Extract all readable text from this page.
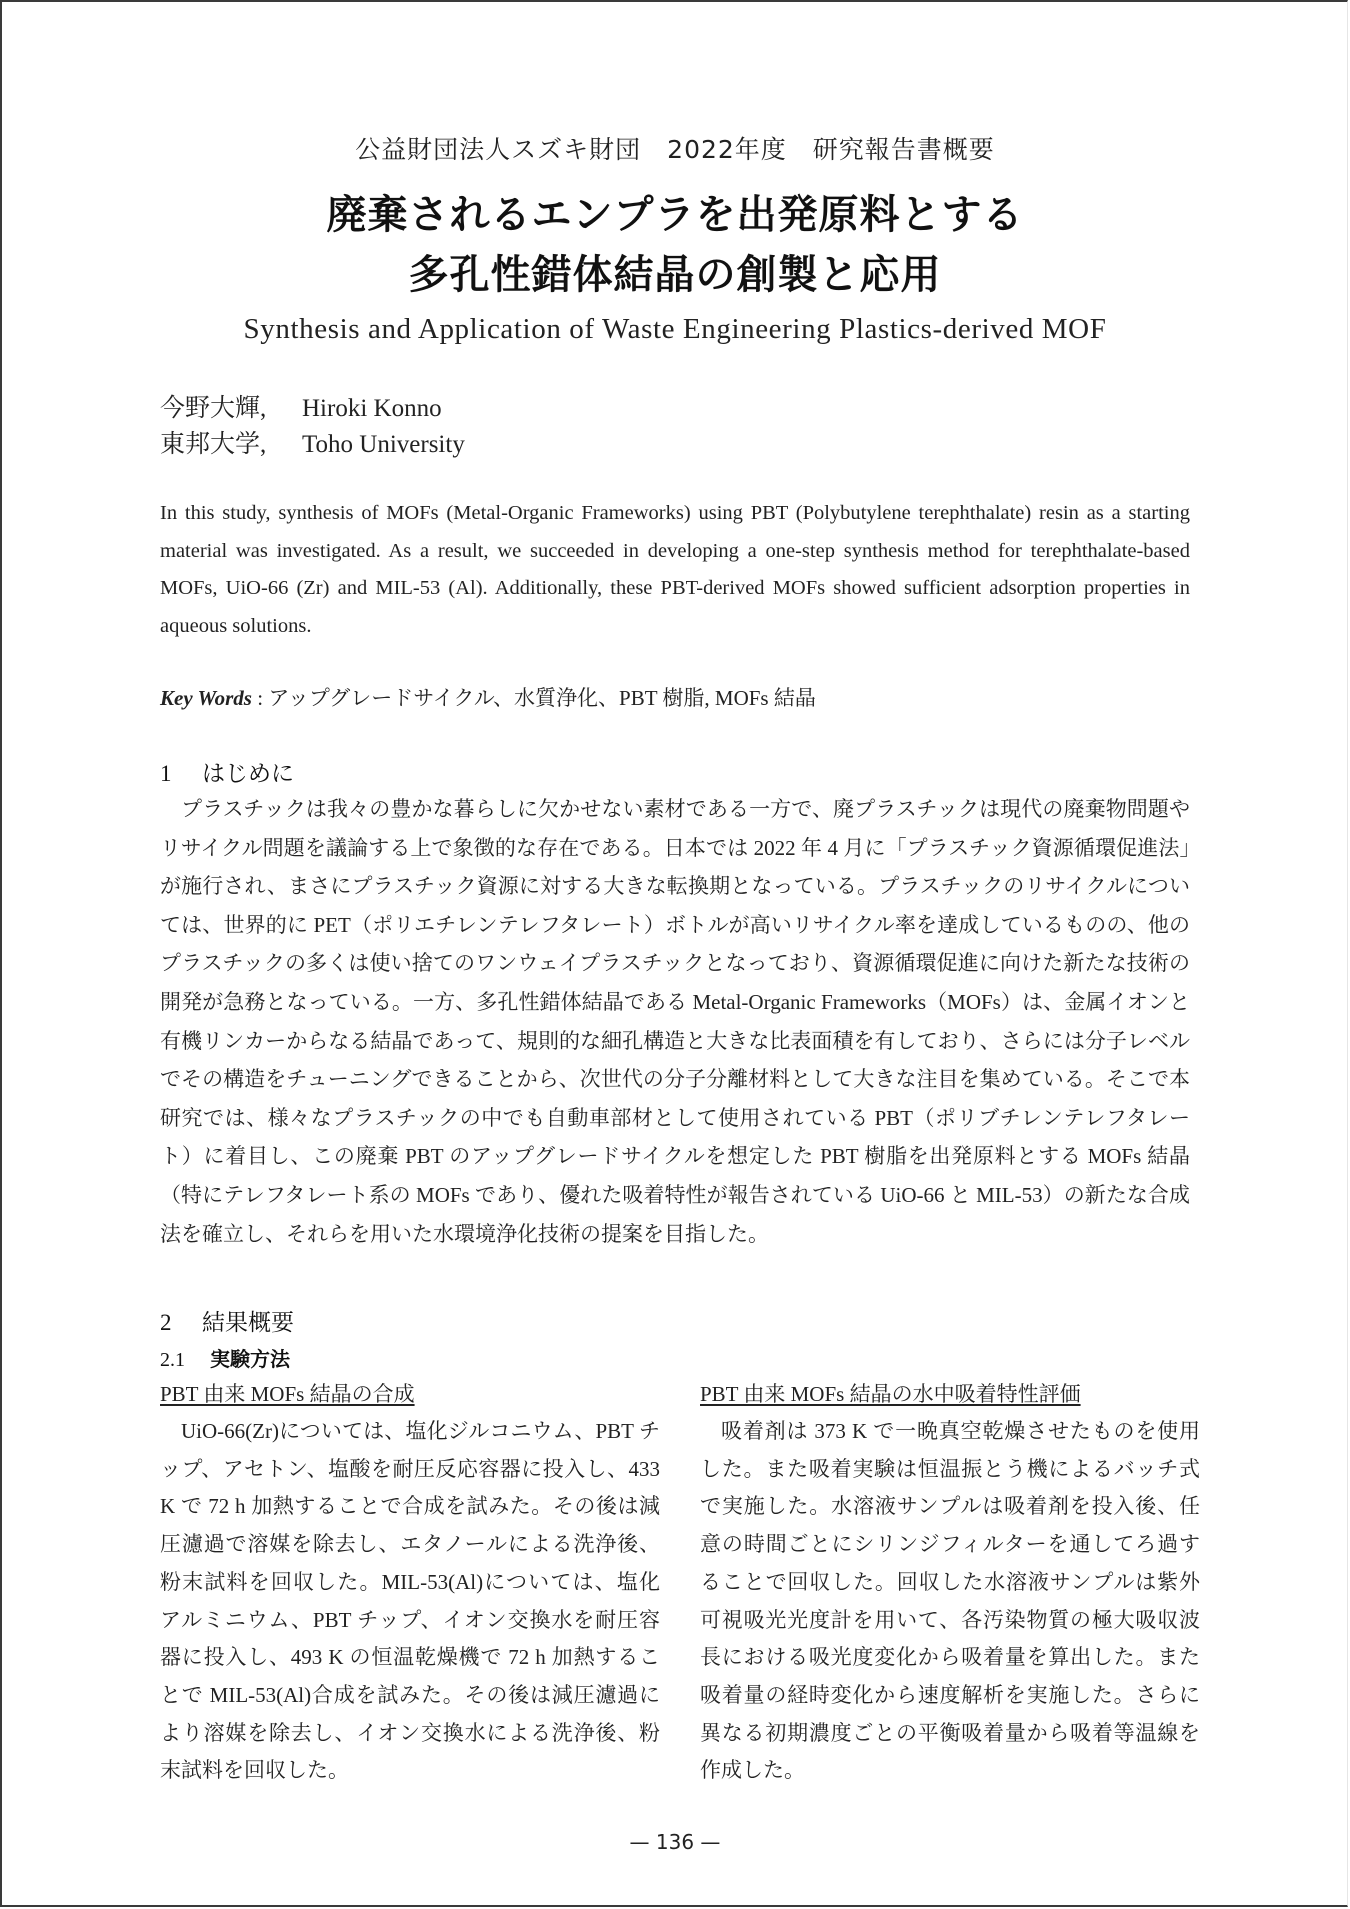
公益財団法人スズキ財団　2022年度　研究報告書概要
廃棄されるエンプラを出発原料とする
多孔性錯体結晶の創製と応用
Synthesis and Application of Waste Engineering Plastics-derived MOF
今野大輝, Hiroki Konno
東邦大学, Toho University
In this study, synthesis of MOFs (Metal-Organic Frameworks) using PBT (Polybutylene terephthalate) resin as a starting material was investigated. As a result, we succeeded in developing a one-step synthesis method for terephthalate-based MOFs, UiO-66 (Zr) and MIL-53 (Al). Additionally, these PBT-derived MOFs showed sufficient adsorption properties in aqueous solutions.
Key Words : アップグレードサイクル、水質浄化、PBT 樹脂, MOFs 結晶
1 はじめに

プラスチックは我々の豊かな暮らしに欠かせない素材である一方で、廃プラスチックは現代の廃棄物問題やリサイクル問題を議論する上で象徴的な存在である。日本では 2022 年 4 月に「プラスチック資源循環促進法」が施行され、まさにプラスチック資源に対する大きな転換期となっている。プラスチックのリサイクルについては、世界的に PET（ポリエチレンテレフタレート）ボトルが高いリサイクル率を達成しているものの、他のプラスチックの多くは使い捨てのワンウェイプラスチックとなっており、資源循環促進に向けた新たな技術の開発が急務となっている。一方、多孔性錯体結晶である Metal-Organic Frameworks（MOFs）は、金属イオンと有機リンカーからなる結晶であって、規則的な細孔構造と大きな比表面積を有しており、さらには分子レベルでその構造をチューニングできることから、次世代の分子分離材料として大きな注目を集めている。そこで本研究では、様々なプラスチックの中でも自動車部材として使用されている PBT（ポリブチレンテレフタレート）に着目し、この廃棄 PBT のアップグレードサイクルを想定した PBT 樹脂を出発原料とする MOFs 結晶（特にテレフタレート系の MOFs であり、優れた吸着特性が報告されている UiO-66 と MIL-53）の新たな合成法を確立し、それらを用いた水環境浄化技術の提案を目指した。

2 結果概要
2.1 実験方法
PBT 由来 MOFs 結晶の合成

UiO-66(Zr)については、塩化ジルコニウム、PBT チップ、アセトン、塩酸を耐圧反応容器に投入し、433 K で 72 h 加熱することで合成を試みた。その後は減圧濾過で溶媒を除去し、エタノールによる洗浄後、粉末試料を回収した。MIL-53(Al)については、塩化アルミニウム、PBT チップ、イオン交換水を耐圧容器に投入し、493 K の恒温乾燥機で 72 h 加熱することで MIL-53(Al)合成を試みた。その後は減圧濾過により溶媒を除去し、イオン交換水による洗浄後、粉末試料を回収した。

PBT 由来 MOFs 結晶の水中吸着特性評価

吸着剤は 373 K で一晩真空乾燥させたものを使用した。また吸着実験は恒温振とう機によるバッチ式で実施した。水溶液サンプルは吸着剤を投入後、任意の時間ごとにシリンジフィルターを通してろ過することで回収した。回収した水溶液サンプルは紫外可視吸光光度計を用いて、各汚染物質の極大吸収波長における吸光度変化から吸着量を算出した。また吸着量の経時変化から速度解析を実施した。さらに異なる初期濃度ごとの平衡吸着量から吸着等温線を作成した。

— 136 —
